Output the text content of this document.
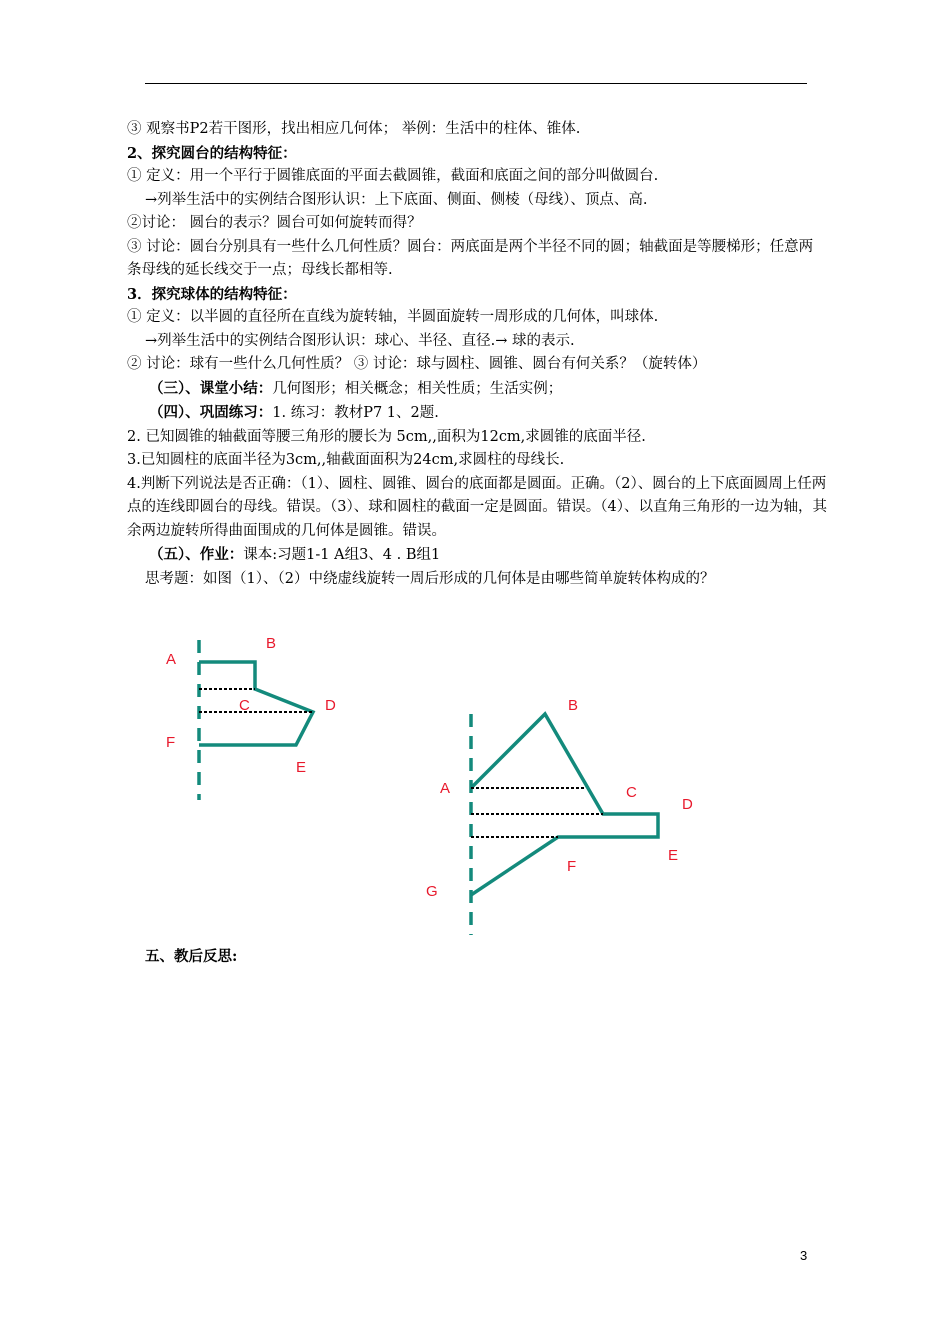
③ 观察书P2若干图形，找出相应几何体； 举例：生活中的柱体、锥体.
2、探究圆台的结构特征：
① 定义：用一个平行于圆锥底面的平面去截圆锥，截面和底面之间的部分叫做圆台.
→列举生活中的实例结合图形认识：上下底面、侧面、侧棱（母线）、顶点、高.
②讨论： 圆台的表示？圆台可如何旋转而得？
③ 讨论：圆台分别具有一些什么几何性质？圆台：两底面是两个半径不同的圆；轴截面是等腰梯形；任意两条母线的延长线交于一点；母线长都相等.
3．探究球体的结构特征：
① 定义：以半圆的直径所在直线为旋转轴，半圆面旋转一周形成的几何体，叫球体.
→列举生活中的实例结合图形认识：球心、半径、直径.→ 球的表示.
② 讨论：球有一些什么几何性质？ ③ 讨论：球与圆柱、圆锥、圆台有何关系？（旋转体）
（三）、课堂小结：几何图形；相关概念；相关性质；生活实例；
（四）、巩固练习：1. 练习：教材P7 1、2题.
2. 已知圆锥的轴截面等腰三角形的腰长为 5cm,,面积为12cm,求圆锥的底面半径.
3.已知圆柱的底面半径为3cm,,轴截面面积为24cm,求圆柱的母线长.
4.判断下列说法是否正确：（1）、圆柱、圆锥、圆台的底面都是圆面。正确。（2）、圆台的上下底面圆周上任两点的连线即圆台的母线。错误。（3）、球和圆柱的截面一定是圆面。错误。（4）、以直角三角形的一边为轴，其余两边旋转所得曲面围成的几何体是圆锥。错误。
（五）、作业：课本:习题1-1 A组3、4 . B组1
思考题：如图（1）、（2）中绕虚线旋转一周后形成的几何体是由哪些简单旋转体构成的？
A
B
C	D
E
F
A
B
C
D
E
F
G
五、教后反思:
3
